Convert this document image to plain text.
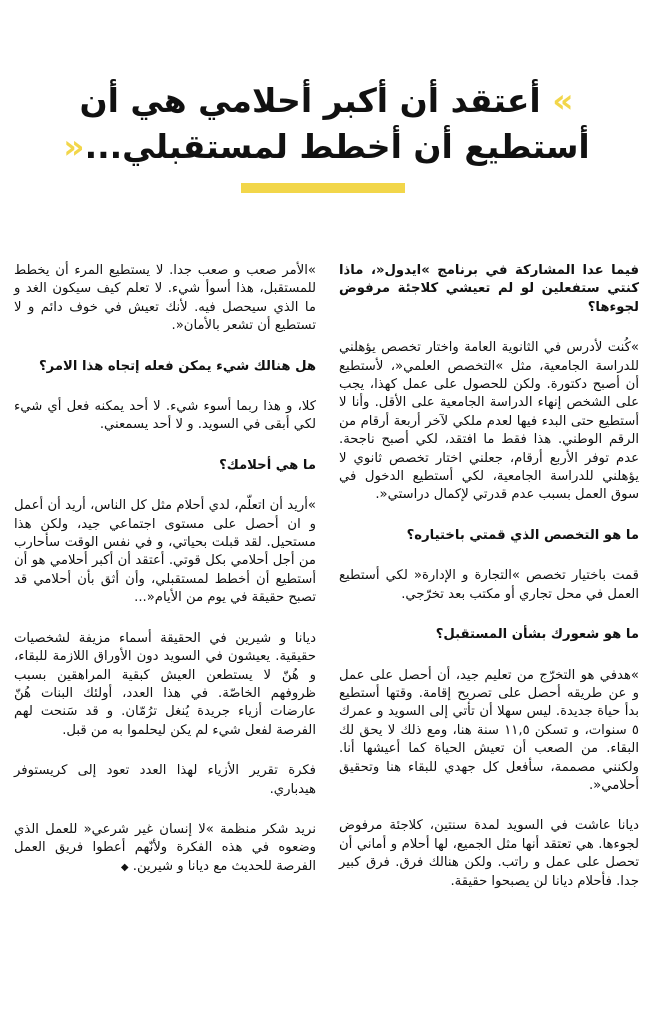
» أعتقد أن أكبر أحلامي هي أن
أستطيع أن أخطط لمستقبلي...«

فيما عدا المشاركة في برنامج »ايدول«، ماذا كنتي ستفعلين لو لم تعيشي كلاجئة مرفوض لجوءها؟

»كُنت لأدرس في الثانوية العامة واختار تخصص يؤهلني للدراسة الجامعية، مثل »التخصص العلمي«، لأستطيع أن أصبح دكتورة. ولكن للحصول على عمل كهذا، يجب على الشخص إنهاء الدراسة الجامعية على الأقل. وأنا لا أستطيع حتى البدء فيها لعدم ملكي لآخر أربعة أرقام من الرقم الوطني. هذا فقط ما افتقد، لكي أصبح ناجحة. عدم توفر الأربع أرقام، جعلني اختار تخصص ثانوي لا يؤهلني للدراسة الجامعية، لكي أستطيع الدخول في سوق العمل بسبب عدم قدرتي لإكمال دراستي«.

ما هو التخصص الذي قمتي باختياره؟

قمت باختيار تخصص »التجارة و الإدارة« لكي أستطيع العمل في محل تجاري أو مكتب بعد تخرّجي.

ما هو شعورك بشأن المستقبل؟

»هدفي هو التخرّج من تعليم جيد، أن أحصل على عمل و عن طريقه أحصل على تصريح إقامة. وقتها أستطيع بدأ حياة جديدة. ليس سهلا أن تأتي إلى السويد و عمرك ٥ سنوات، و تسكن ١١,٥ سنة هنا، ومع ذلك لا يحق لك البقاء. من الصعب أن تعيش الحياة كما أعيشها أنا. ولكنني مصممة، سأفعل كل جهدي للبقاء هنا وتحقيق أحلامي«.

ديانا عاشت في السويد لمدة سنتين، كلاجئة مرفوض لجوءها. هي تعتقد أنها مثل الجميع، لها أحلام و أماني أن تحصل على عمل و راتب. ولكن هنالك فرق. فرق كبير جدا. فأحلام ديانا لن يصبحوا حقيقة.

»الأمر صعب و صعب جدا. لا يستطيع المرء أن يخطط للمستقبل، هذا أسوأ شيء. لا تعلم كيف سيكون الغد و ما الذي سيحصل فيه. لأنك تعيش في خوف دائم و لا تستطيع أن تشعر بالأمان«.

هل هنالك شيء يمكن فعله إتجاه هذا الامر؟

كلا، و هذا ربما أسوء شيء. لا أحد يمكنه فعل أي شيء لكي أبقى في السويد. و لا أحد يسمعني.

ما هي أحلامك؟

»أريد أن اتعلّم، لدي أحلام مثل كل الناس، أريد أن أعمل و ان أحصل على مستوى اجتماعي جيد، ولكن هذا مستحيل. لقد قبلت بحياتي، و في نفس الوقت سأحارب من أجل أحلامي بكل قوتي. أعتقد أن أكبر أحلامي هو أن أستطيع أن أخطط لمستقبلي، وأن أثق بأن أحلامي قد تصبح حقيقة في يوم من الأيام«...

ديانا و شيرين في الحقيقة أسماء مزيفة لشخصيات حقيقية. يعيشون في السويد دون الأوراق اللازمة للبقاء، و هُنّ لا يستطعن العيش كبقية المراهقين بسبب ظروفهم الخاصّة. في هذا العدد، أولئك البنات هُنّ عارضات أزياء جريدة يُنغل ترُمّان. و قد سَنحت لهم الفرصة لفعل شيء لم يكن ليحلموا به من قبل.

فكرة تقرير الأزياء لهذا العدد تعود إلى كريستوفر هيدباري.

نريد شكر منظمة »لا إنسان غير شرعي« للعمل الذي وضعوه في هذه الفكرة ولأنّهم أعطوا فريق العمل الفرصة للحديث مع ديانا و شيرين. ◆
